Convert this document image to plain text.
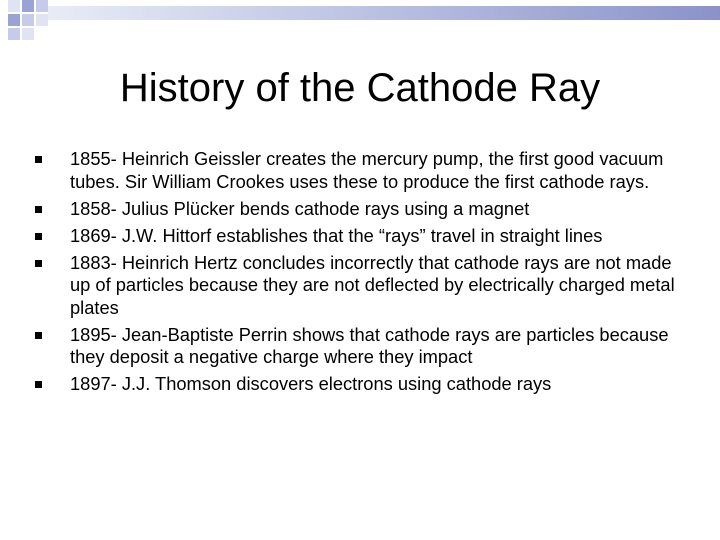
History of the Cathode Ray
1855- Heinrich Geissler creates the mercury pump, the first good vacuum tubes. Sir William Crookes uses these to produce the first cathode rays.
1858- Julius Plücker bends cathode rays using a magnet
1869- J.W. Hittorf establishes that the “rays” travel in straight lines
1883- Heinrich Hertz concludes incorrectly that cathode rays are not made up of particles because they are not deflected by electrically charged metal plates
1895- Jean-Baptiste Perrin shows that cathode rays are particles because they deposit a negative charge where they impact
1897- J.J. Thomson discovers electrons using cathode rays
